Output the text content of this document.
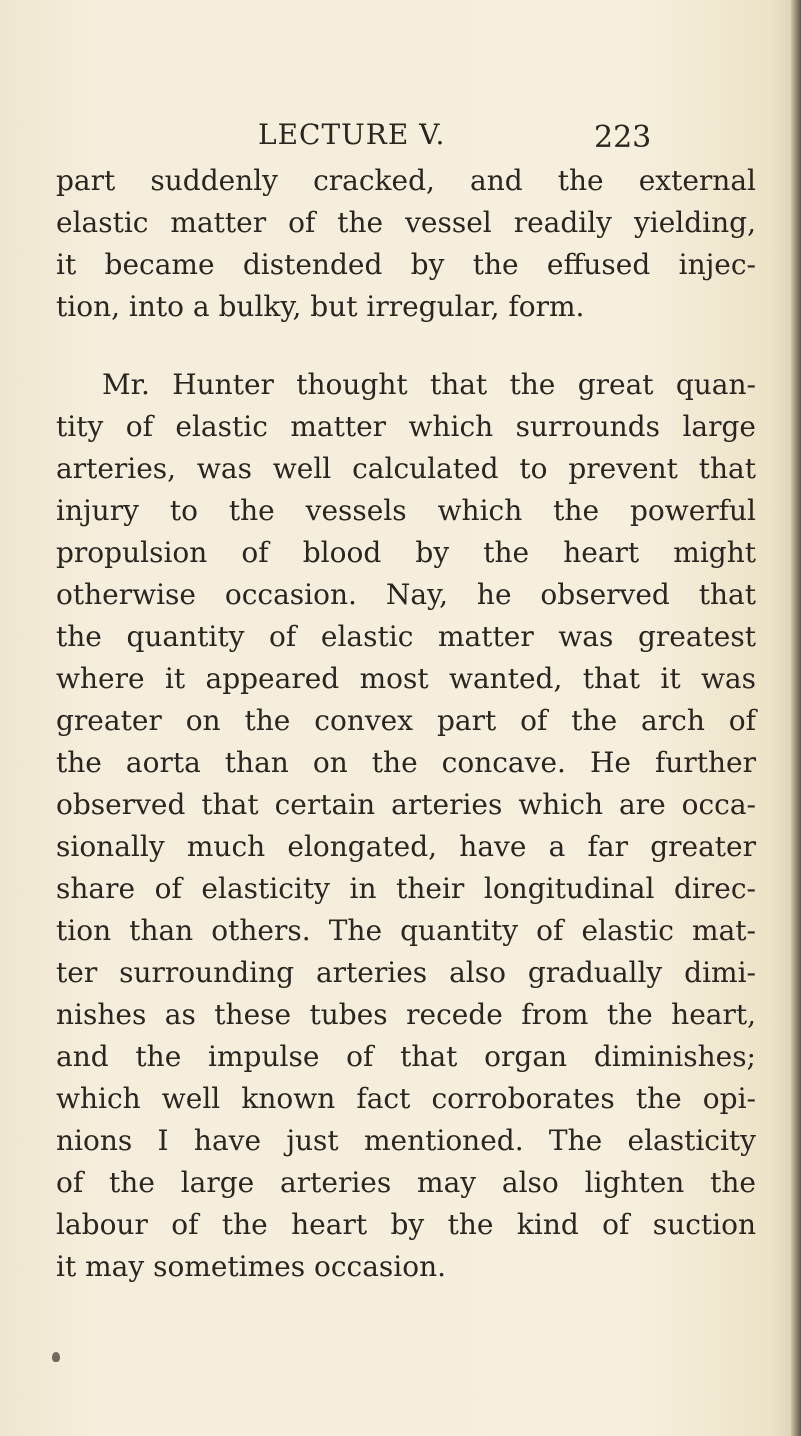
LECTURE V.	223

part suddenly cracked, and the external
elastic matter of the vessel readily yielding,
it became distended by the effused injec-
tion, into a bulky, but irregular, form.

Mr. Hunter thought that the great quan-
tity of elastic matter which surrounds large
arteries, was well calculated to prevent that
injury to the vessels which the powerful
propulsion of blood by the heart might
otherwise occasion. Nay, he observed that
the quantity of elastic matter was greatest
where it appeared most wanted, that it was
greater on the convex part of the arch of
the aorta than on the concave. He further
observed that certain arteries which are occa-
sionally much elongated, have a far greater
share of elasticity in their longitudinal direc-
tion than others. The quantity of elastic mat-
ter surrounding arteries also gradually dimi-
nishes as these tubes recede from the heart,
and the impulse of that organ diminishes;
which well known fact corroborates the opi-
nions I have just mentioned. The elasticity
of the large arteries may also lighten the
labour of the heart by the kind of suction
it may sometimes occasion.
